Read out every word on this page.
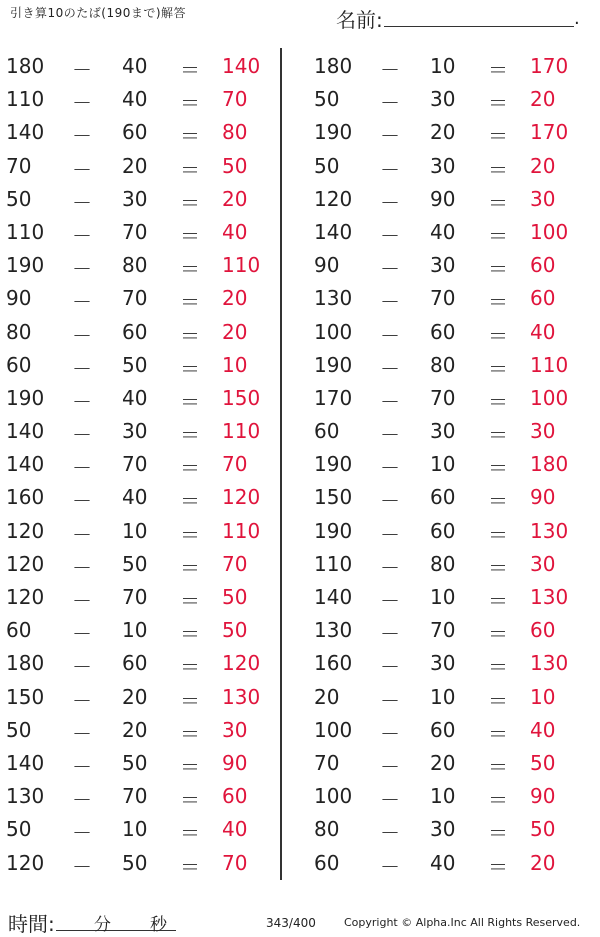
引き算10のたば(190まで)解答	名前:	.
180 － 40	＝ 140
110 － 40	＝ 70
140 － 60	＝ 80
70	－ 20	＝ 50
50	－ 30	＝ 20
110 － 70	＝ 40
190 － 80	＝ 110
90	－ 70	＝ 20
80	－ 60	＝ 20
60	－ 50	＝ 10
190 － 40	＝ 150
140 － 30	＝ 110
140 － 70	＝ 70
160 － 40	＝ 120
120 － 10	＝ 110
120 － 50	＝ 70
120 － 70	＝ 50
60	－ 10	＝ 50
180 － 60	＝ 120
150 － 20	＝ 130
50	－ 20	＝ 30
140 － 50	＝ 90
130 － 70	＝ 60
50	－ 10	＝ 40
120 － 50	＝ 70
180 － 10	＝ 170
50	－ 30	＝ 20
190 － 20	＝ 170
50	－ 30	＝ 20
120 － 90	＝ 30
140 － 40	＝ 100
90	－ 30	＝ 60
130 － 70	＝ 60
100 － 60	＝ 40
190 － 80	＝ 110
170 － 70	＝ 100
60	－ 30	＝ 30
190 － 10	＝ 180
150 － 60	＝ 90
190 － 60	＝ 130
110 － 80	＝ 30
140 － 10	＝ 130
130 － 70	＝ 60
160 － 30	＝ 130
20	－ 10	＝ 10
100 － 60	＝ 40
70	－ 20	＝ 50
100 － 10	＝ 90
80	－ 30	＝ 50
60	－ 40	＝ 20
時間: 分 秒	343/400	Copyright © Alpha.Inc All Rights Reserved.
